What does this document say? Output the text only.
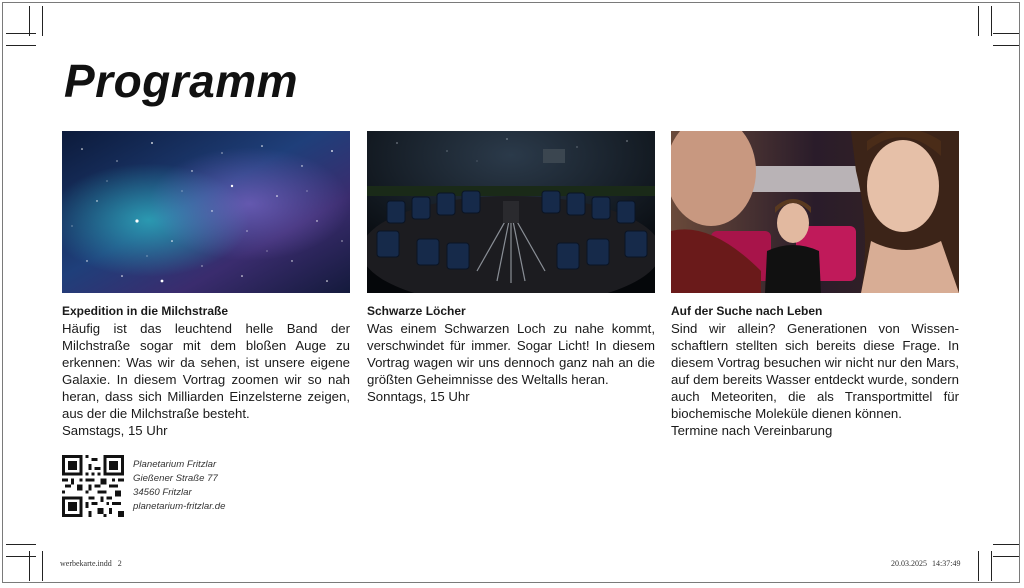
Programm
Expedition in die Milchstraße
Häufig ist das leuchtend helle Band der Milchstraße sogar mit dem bloßen Auge zu erkennen: Was wir da sehen, ist unsere eigene Galaxie. In diesem Vortrag zoomen wir so nah heran, dass sich Milliarden Einzelsterne zeigen, aus der die Milchstraße besteht.
Samstags, 15 Uhr
Schwarze Löcher
Was einem Schwarzen Loch zu nahe kommt, verschwindet für immer. Sogar Licht! In diesem Vortrag wagen wir uns dennoch ganz nah an die größten Geheimnisse des Weltalls heran.
Sonntags, 15 Uhr
Auf der Suche nach Leben
Sind wir allein? Generationen von Wissen-schaftlern stellten sich bereits diese Frage. In diesem Vortrag besuchen wir nicht nur den Mars, auf dem bereits Wasser entdeckt wurde, sondern auch Meteoriten, die als Transportmittel für biochemische Moleküle dienen können.
Termine nach Vereinbarung
Planetarium Fritzlar
Gießener Straße 77
34560 Fritzlar
planetarium-fritzlar.de
werbekarte.indd   2	20.03.2025 14:37:49
